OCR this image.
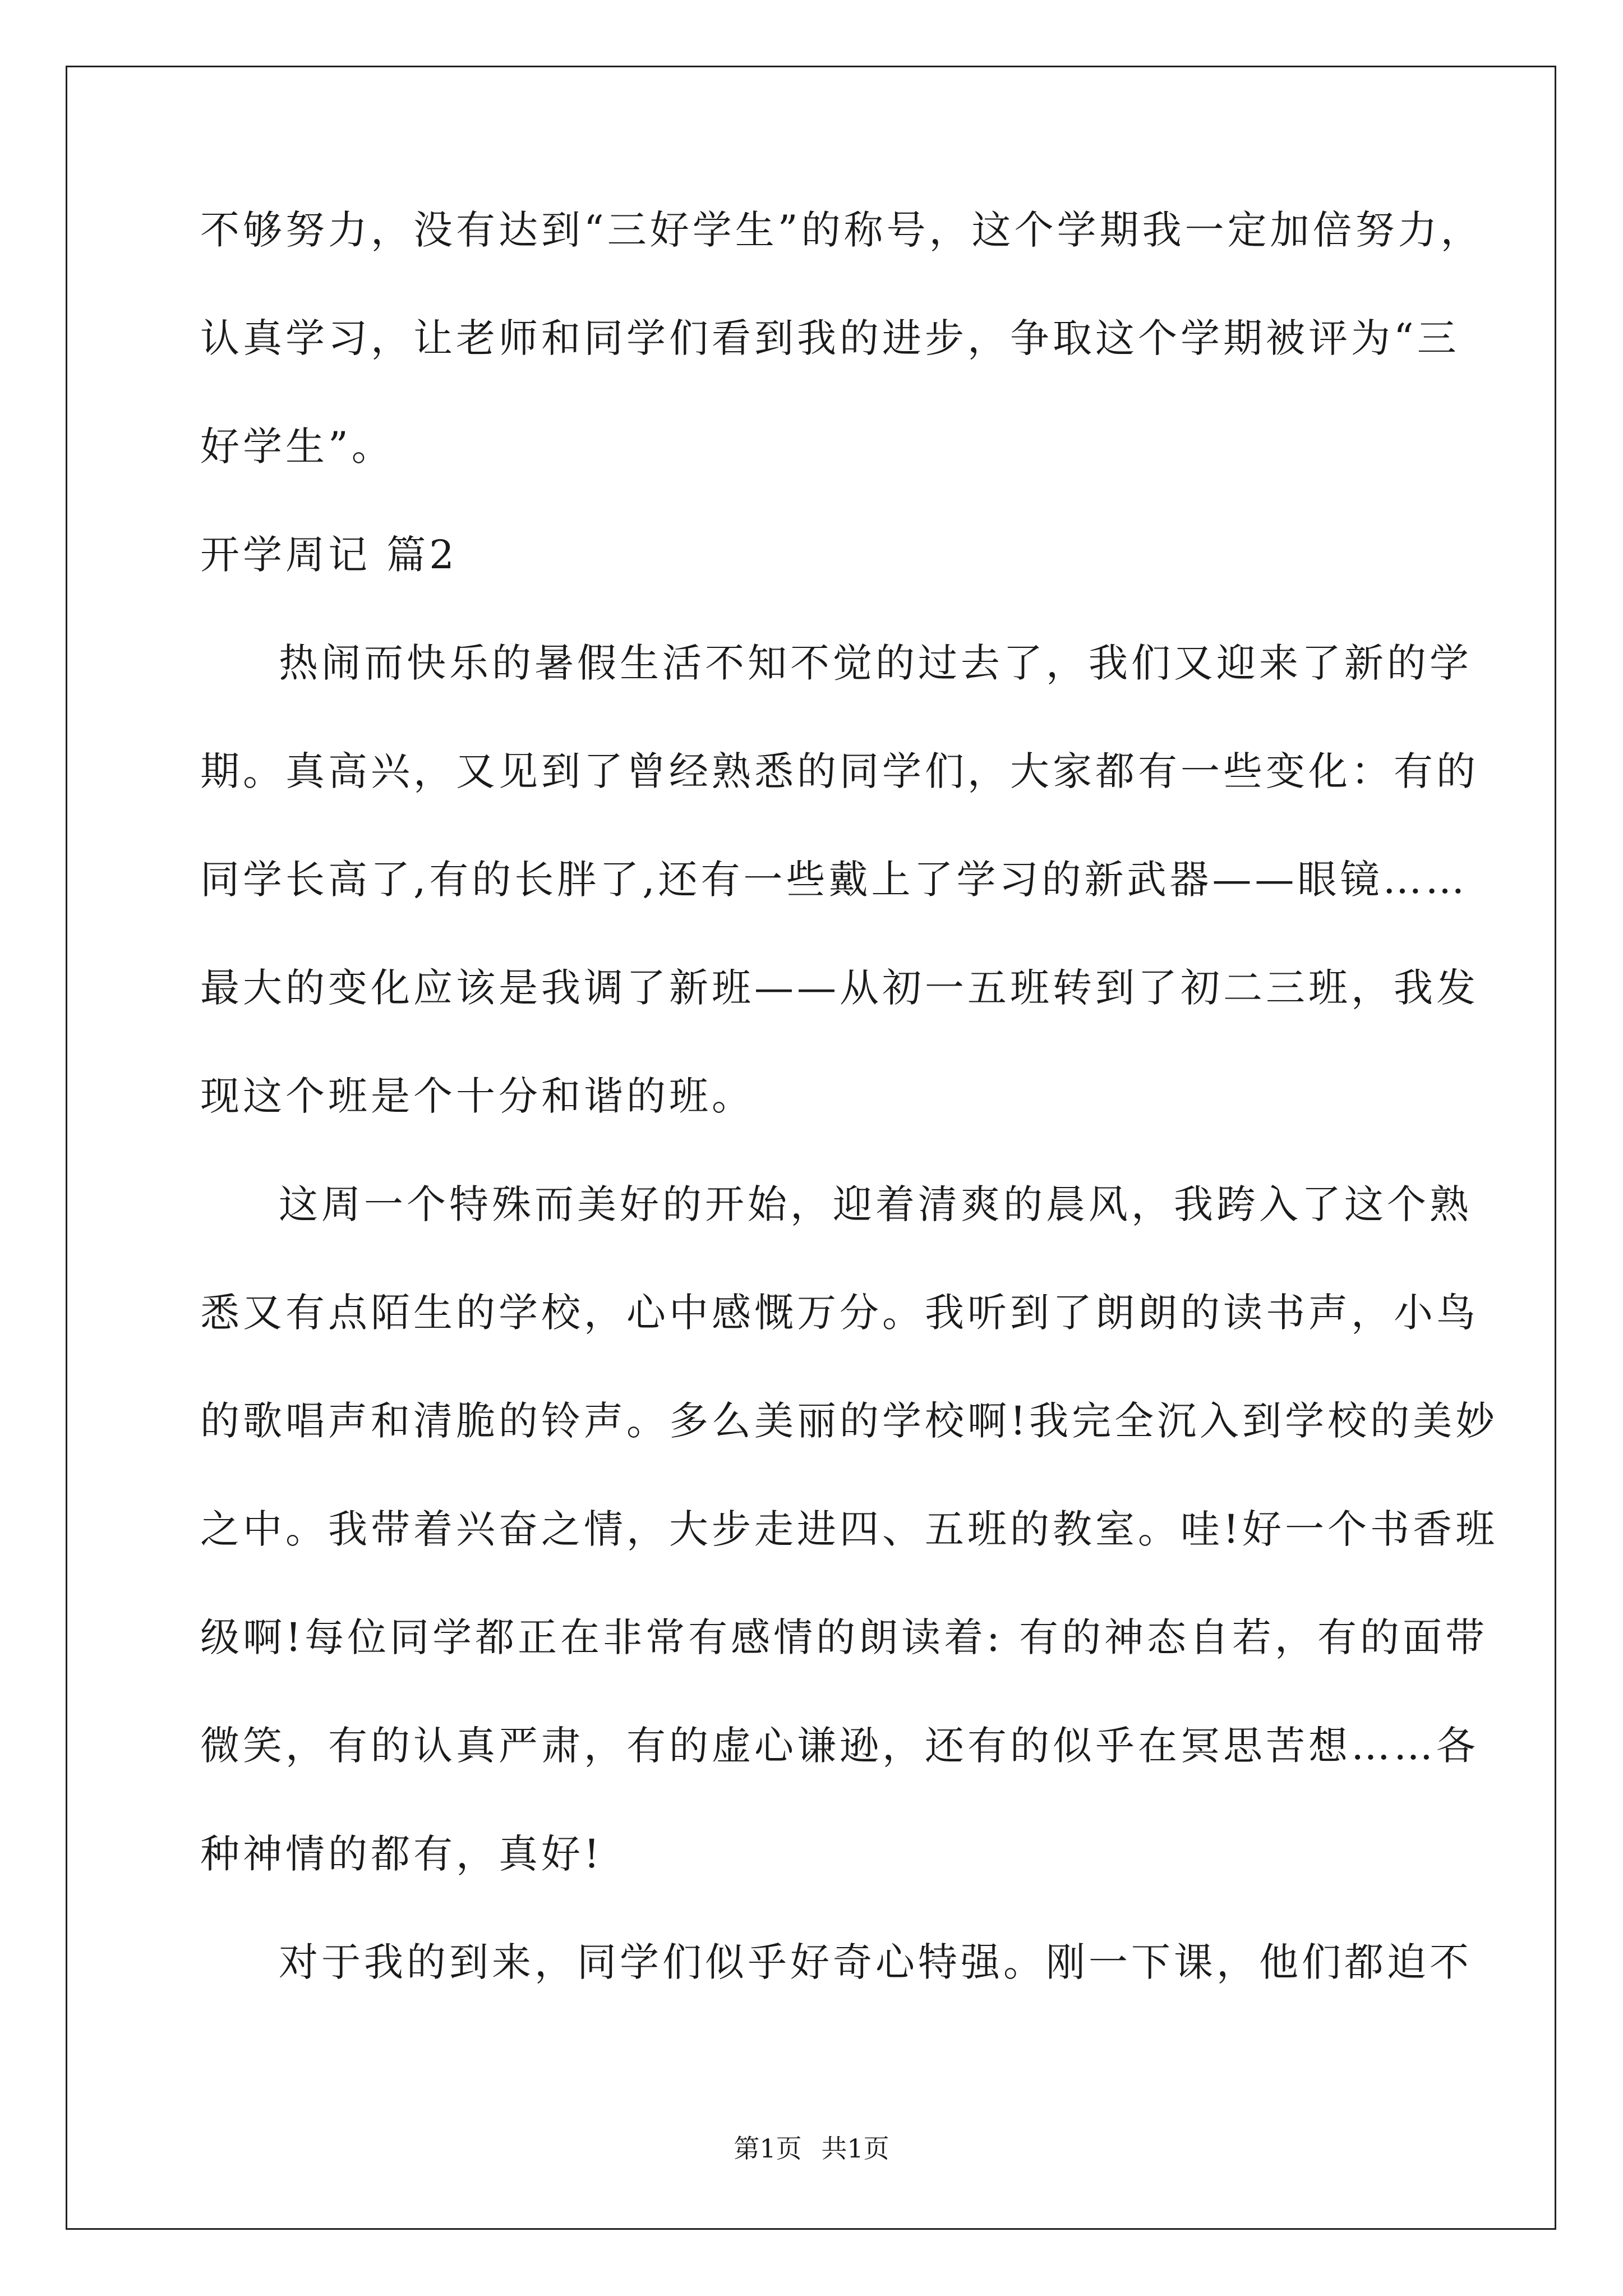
不够努力，没有达到“三好学生”的称号，这个学期我一定加倍努力，
认真学习，让老师和同学们看到我的进步，争取这个学期被评为“三
好学生”。
开学周记 篇2
热闹而快乐的暑假生活不知不觉的过去了，我们又迎来了新的学
期。真高兴，又见到了曾经熟悉的同学们，大家都有一些变化：有的
同学长高了,有的长胖了,还有一些戴上了学习的新武器——眼镜……
最大的变化应该是我调了新班——从初一五班转到了初二三班，我发
现这个班是个十分和谐的班。
这周一个特殊而美好的开始，迎着清爽的晨风，我跨入了这个熟
悉又有点陌生的学校，心中感慨万分。我听到了朗朗的读书声，小鸟
的歌唱声和清脆的铃声。多么美丽的学校啊!我完全沉入到学校的美妙
之中。我带着兴奋之情，大步走进四、五班的教室。哇!好一个书香班
级啊!每位同学都正在非常有感情的朗读着: 有的神态自若，有的面带
微笑，有的认真严肃，有的虚心谦逊，还有的似乎在冥思苦想……各
种神情的都有，真好!
对于我的到来，同学们似乎好奇心特强。刚一下课，他们都迫不
第1页 共1页
